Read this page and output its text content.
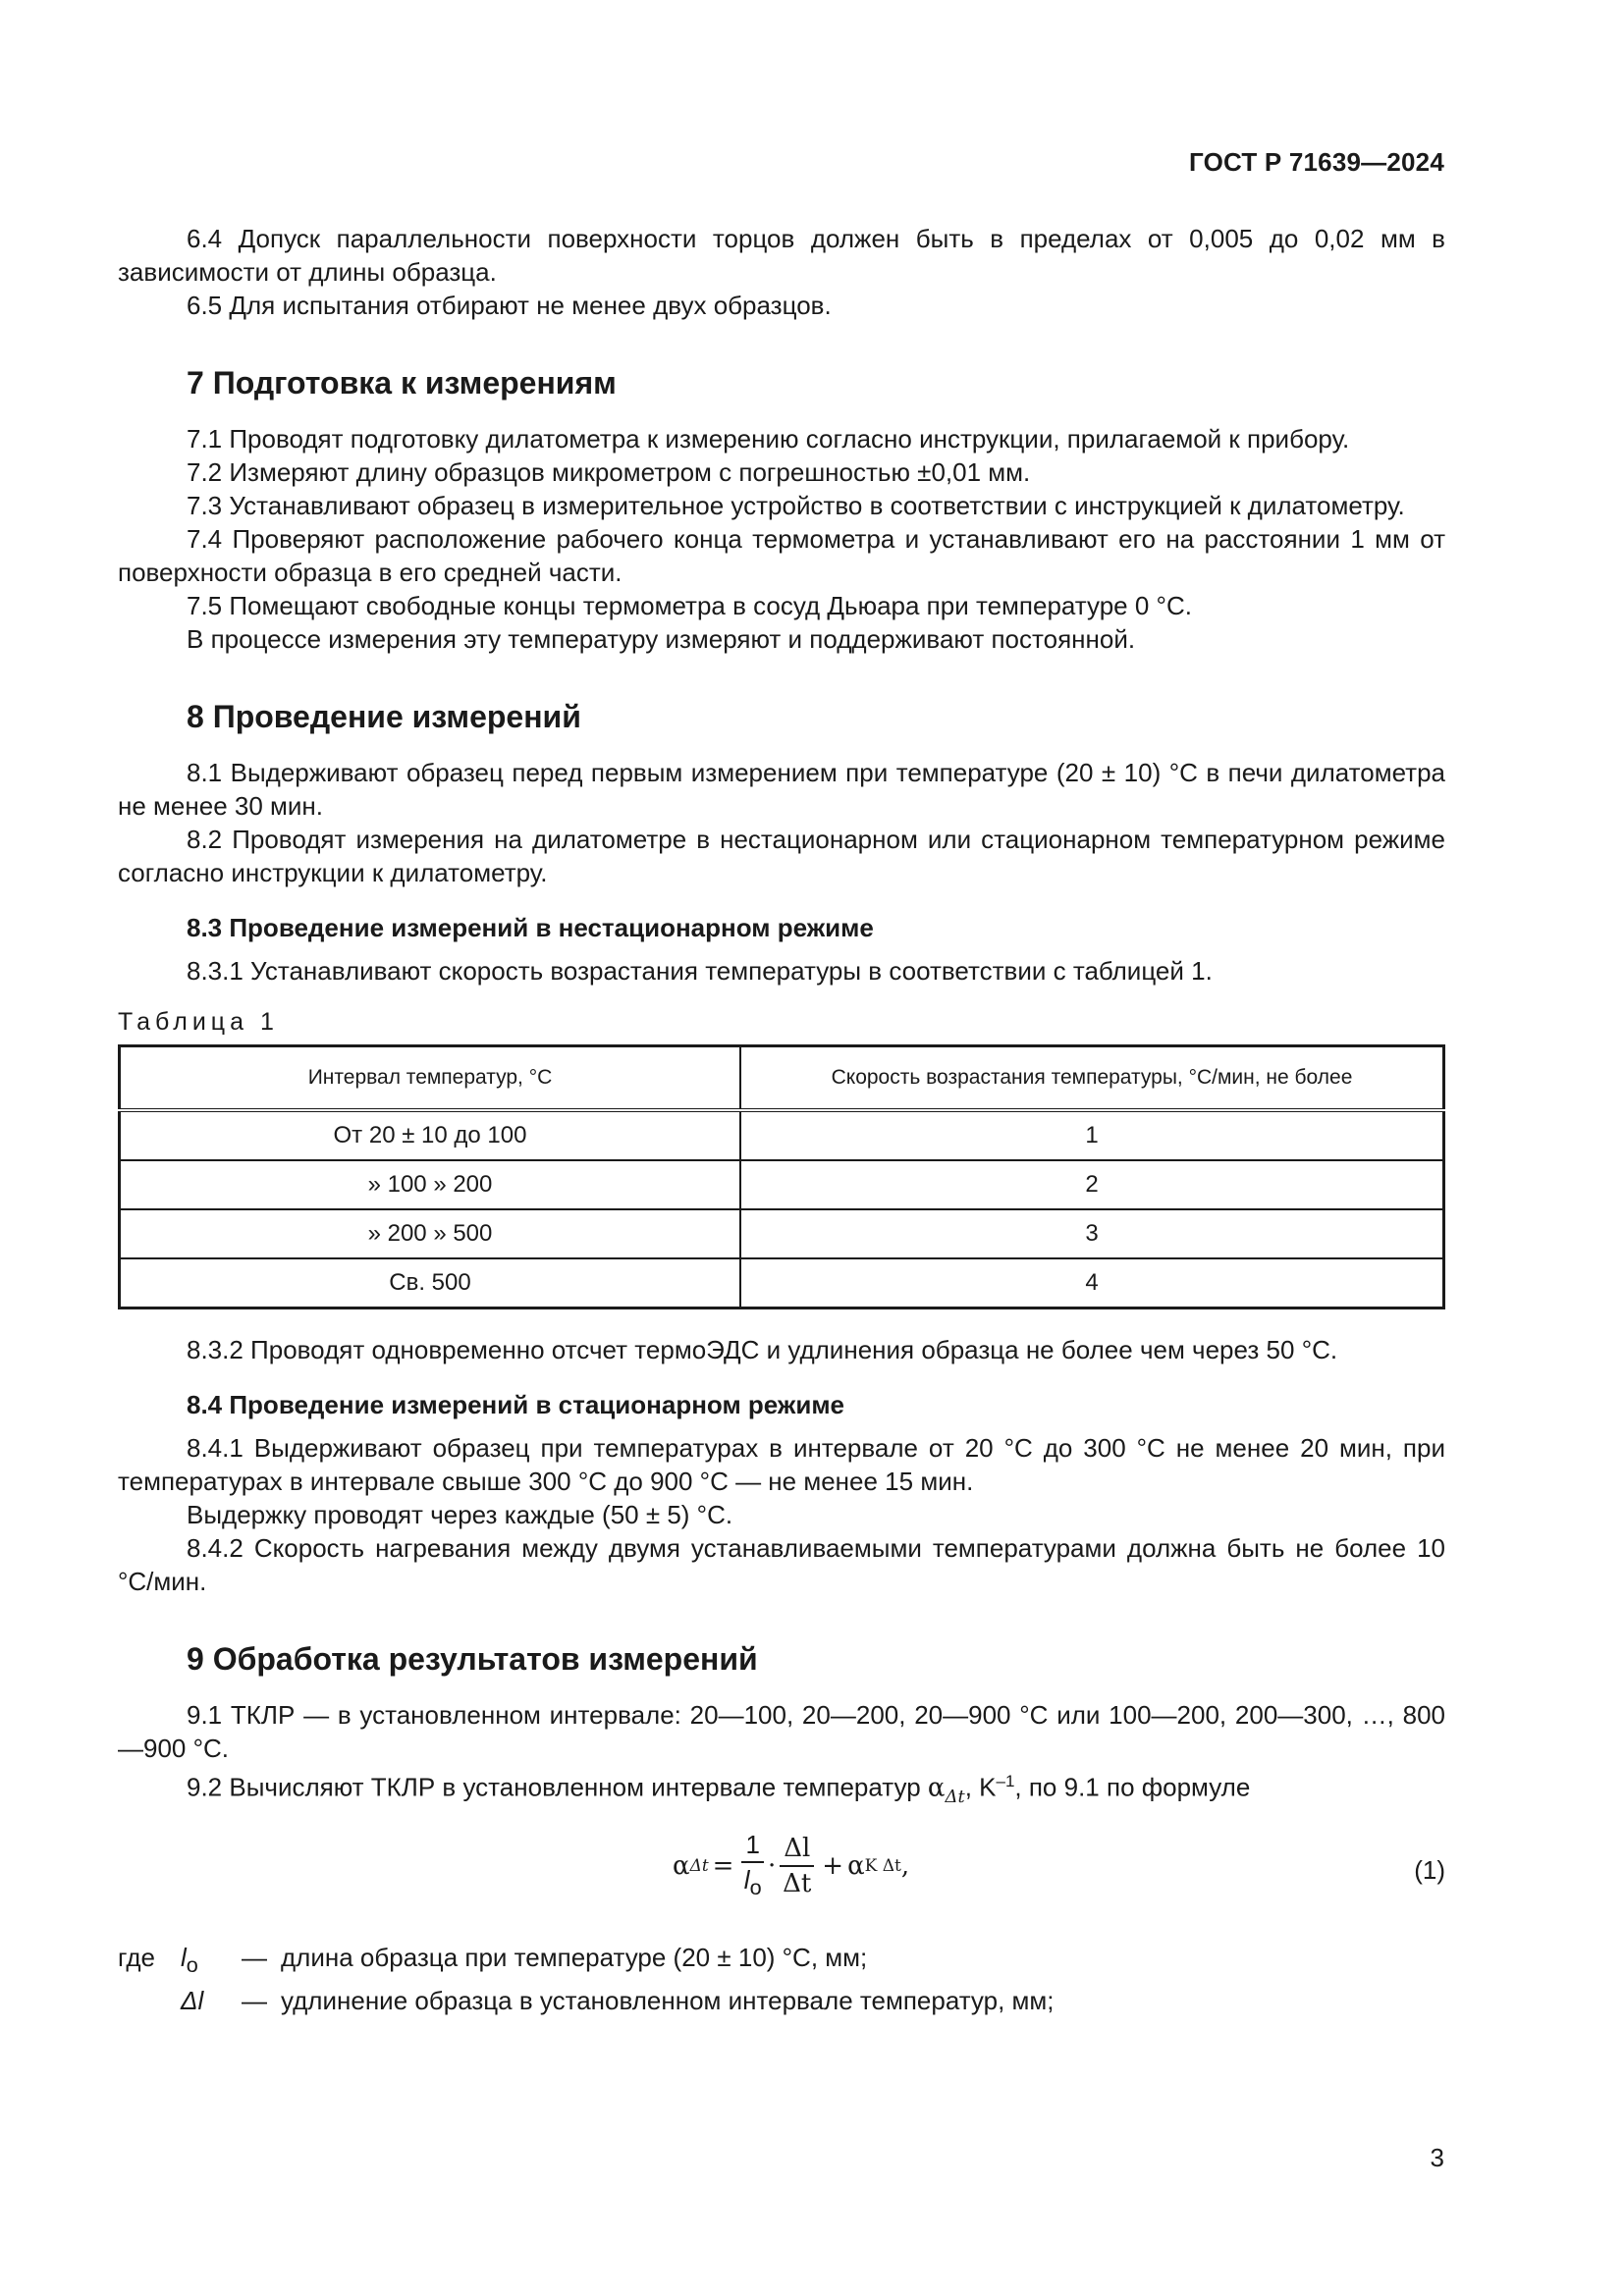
ГОСТ Р 71639—2024

6.4 Допуск параллельности поверхности торцов должен быть в пределах от 0,005 до 0,02 мм в зависимости от длины образца.

6.5 Для испытания отбирают не менее двух образцов.

7 Подготовка к измерениям

7.1 Проводят подготовку дилатометра к измерению согласно инструкции, прилагаемой к прибору.

7.2 Измеряют длину образцов микрометром с погрешностью ±0,01 мм.

7.3 Устанавливают образец в измерительное устройство в соответствии с инструкцией к дилатометру.

7.4 Проверяют расположение рабочего конца термометра и устанавливают его на расстоянии 1 мм от поверхности образца в его средней части.

7.5 Помещают свободные концы термометра в сосуд Дьюара при температуре 0 °С.

В процессе измерения эту температуру измеряют и поддерживают постоянной.

8 Проведение измерений

8.1 Выдерживают образец перед первым измерением при температуре (20 ± 10) °С в печи дилатометра не менее 30 мин.

8.2 Проводят измерения на дилатометре в нестационарном или стационарном температурном режиме согласно инструкции к дилатометру.

8.3 Проведение измерений в нестационарном режиме

8.3.1 Устанавливают скорость возрастания температуры в соответствии с таблицей 1.

Таблица 1
Интервал температур, °С	Скорость возрастания температуры, °С/мин, не более
От 20 ± 10 до 100	1
» 100 » 200	2
» 200 » 500	3
Св. 500	4

8.3.2 Проводят одновременно отсчет термоЭДС и удлинения образца не более чем через 50 °С.

8.4 Проведение измерений в стационарном режиме

8.4.1 Выдерживают образец при температурах в интервале от 20 °С до 300 °С не менее 20 мин, при температурах в интервале свыше 300 °С до 900 °С — не менее 15 мин.

Выдержку проводят через каждые (50 ± 5) °С.

8.4.2 Скорость нагревания между двумя устанавливаемыми температурами должна быть не более 10 °С/мин.

9 Обработка результатов измерений

9.1 ТКЛР — в установленном интервале: 20—100, 20—200, 20—900 °С или 100—200, 200—300, …, 800—900 °С.

9.2 Вычисляют ТКЛР в установленном интервале температур $\alpha_{\Delta t}$, $K^{-1}$, по 9.1 по формуле

α $\Delta t = \frac{1}{l_o} \cdot \frac{\Delta l}{\Delta t} + \alpha$ K Δt ,	(1)
где	$l_o$	— длина образца при температуре (20 ± 10) °С, мм;
Δl	— удлинение образца в установленном интервале температур, мм;
3
